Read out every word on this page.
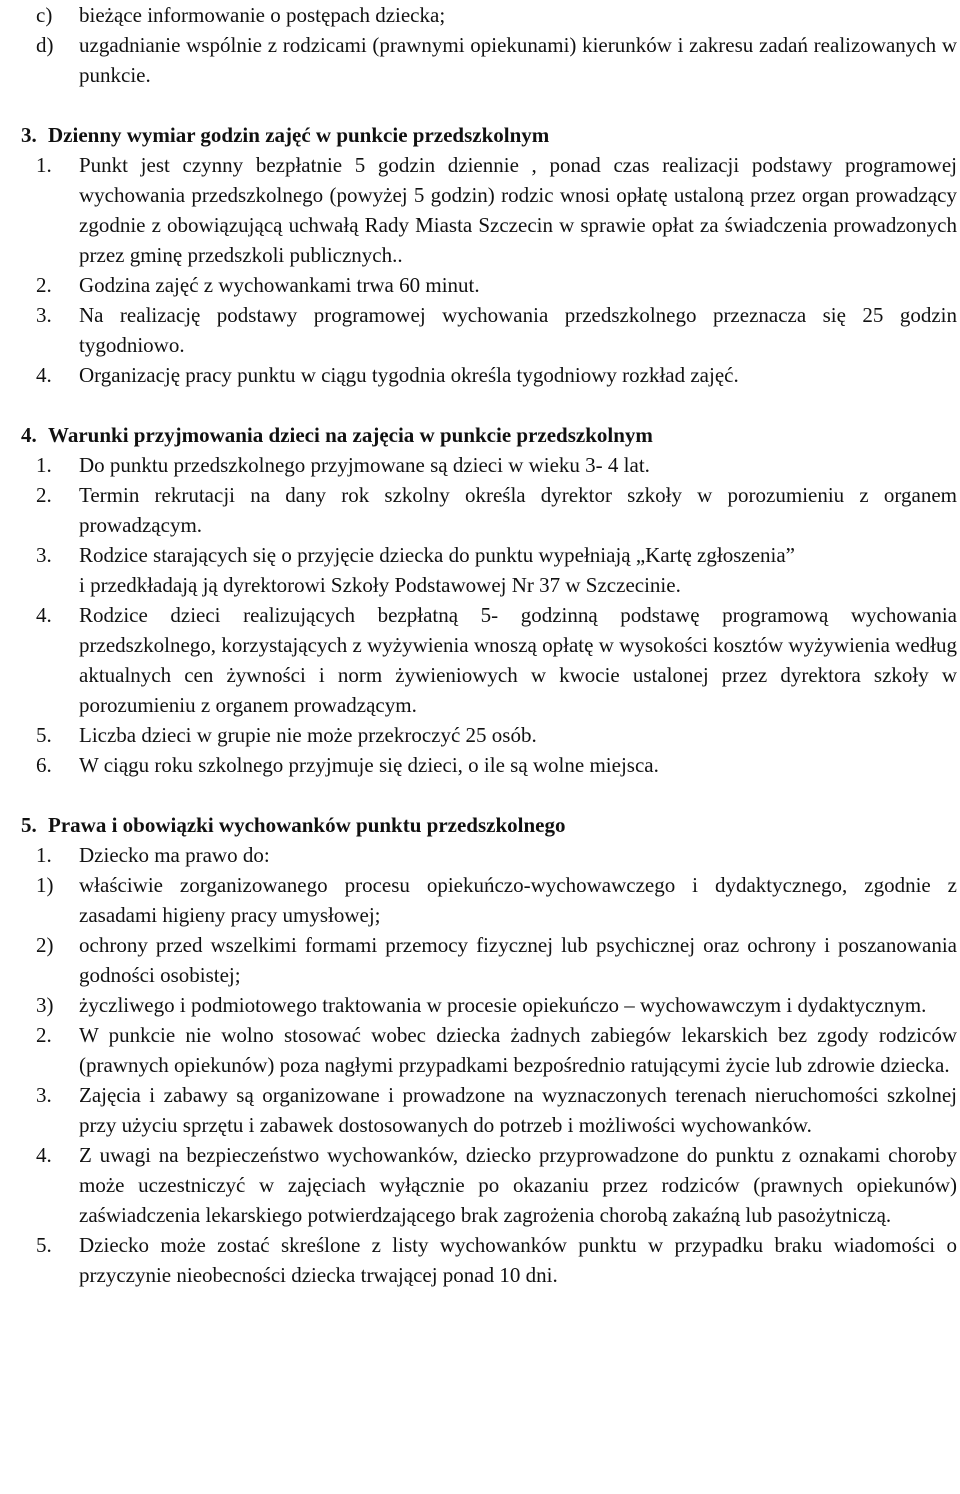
c) bieżące informowanie o postępach dziecka;
d) uzgadnianie wspólnie z rodzicami (prawnymi opiekunami) kierunków i zakresu zadań realizowanych w punkcie.
3. Dzienny wymiar godzin zajęć w punkcie przedszkolnym
1. Punkt jest czynny bezpłatnie 5 godzin dziennie , ponad czas realizacji podstawy programowej wychowania przedszkolnego (powyżej 5 godzin) rodzic wnosi opłatę ustaloną przez organ prowadzący zgodnie z obowiązującą uchwałą Rady Miasta Szczecin w sprawie opłat za świadczenia prowadzonych przez gminę przedszkoli publicznych..
2. Godzina zajęć z wychowankami trwa 60 minut.
3. Na realizację podstawy programowej wychowania przedszkolnego przeznacza się 25 godzin tygodniowo.
4. Organizację pracy punktu w ciągu tygodnia określa tygodniowy rozkład zajęć.
4. Warunki przyjmowania dzieci na zajęcia w punkcie przedszkolnym
1. Do punktu przedszkolnego przyjmowane są dzieci w wieku 3- 4 lat.
2. Termin rekrutacji na dany rok szkolny określa dyrektor szkoły w porozumieniu z organem prowadzącym.
3. Rodzice starających się o przyjęcie dziecka do punktu wypełniają „Kartę zgłoszenia”
i przedkładają ją dyrektorowi Szkoły Podstawowej Nr 37 w Szczecinie.
4. Rodzice dzieci realizujących bezpłatną 5- godzinną podstawę programową wychowania przedszkolnego, korzystających z wyżywienia wnoszą opłatę w wysokości kosztów wyżywienia według aktualnych cen żywności i norm żywieniowych w kwocie ustalonej przez dyrektora szkoły w porozumieniu z organem prowadzącym.
5. Liczba dzieci w grupie nie może przekroczyć 25 osób.
6. W ciągu roku szkolnego przyjmuje się dzieci, o ile są wolne miejsca.
5. Prawa i obowiązki wychowanków punktu przedszkolnego
1. Dziecko ma prawo do:
1) właściwie zorganizowanego procesu opiekuńczo-wychowawczego i dydaktycznego, zgodnie z zasadami higieny pracy umysłowej;
2) ochrony przed wszelkimi formami przemocy fizycznej lub psychicznej oraz ochrony i poszanowania godności osobistej;
3) życzliwego i podmiotowego traktowania w procesie opiekuńczo – wychowawczym i dydaktycznym.
2. W punkcie nie wolno stosować wobec dziecka żadnych zabiegów lekarskich bez zgody rodziców (prawnych opiekunów) poza nagłymi przypadkami bezpośrednio ratującymi życie lub zdrowie dziecka.
3. Zajęcia i zabawy są organizowane i prowadzone na wyznaczonych terenach nieruchomości szkolnej przy użyciu sprzętu i zabawek dostosowanych do potrzeb i możliwości wychowanków.
4. Z uwagi na bezpieczeństwo wychowanków, dziecko przyprowadzone do punktu z oznakami choroby może uczestniczyć w zajęciach wyłącznie po okazaniu przez rodziców (prawnych opiekunów) zaświadczenia lekarskiego potwierdzającego brak zagrożenia chorobą zakaźną lub pasożytniczą.
5. Dziecko może zostać skreślone z listy wychowanków punktu w przypadku braku wiadomości o przyczynie nieobecności dziecka trwającej ponad 10 dni.
